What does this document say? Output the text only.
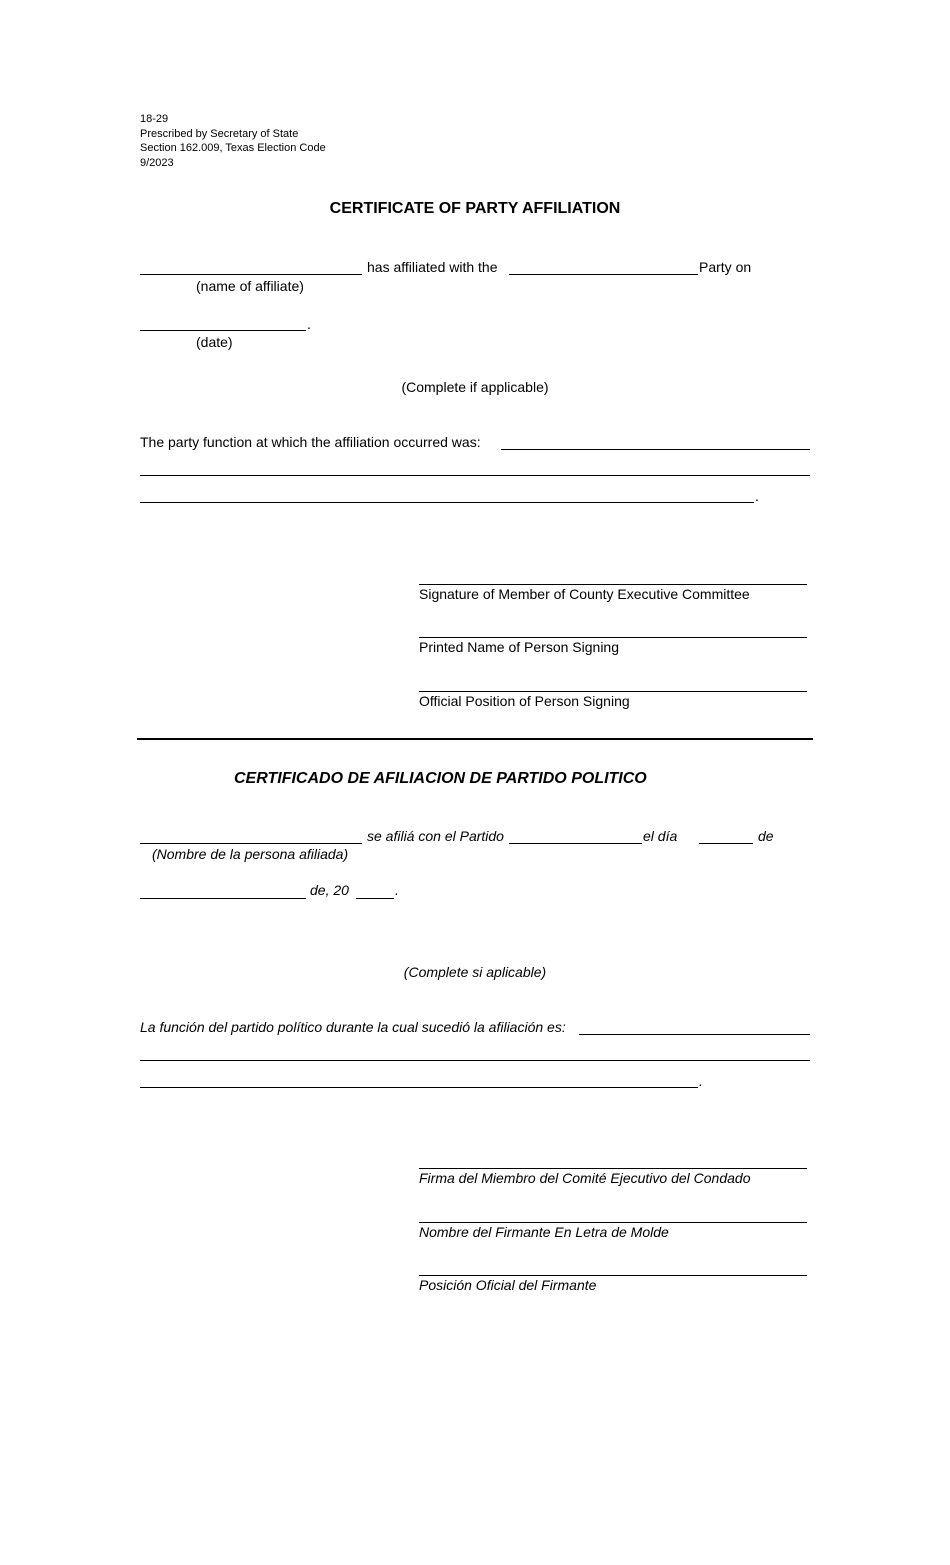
18-29
Prescribed by Secretary of State
Section 162.009, Texas Election Code
9/2023
CERTIFICATE OF PARTY AFFILIATION
has affiliated with the	Party on
(name of affiliate)
.
(date)
(Complete if applicable)
The party function at which the affiliation occurred was:
.
Signature of Member of County Executive Committee
Printed Name of Person Signing
Official Position of Person Signing
CERTIFICADO DE AFILIACION DE PARTIDO POLITICO
se afiliá con el Partido	el día	de
(Nombre de la persona afiliada)
de, 20	.
(Complete si aplicable)
La función del partido político durante la cual sucedió la afiliación es:
.
Firma del Miembro del Comité Ejecutivo del Condado
Nombre del Firmante En Letra de Molde
Posición Oficial del Firmante
